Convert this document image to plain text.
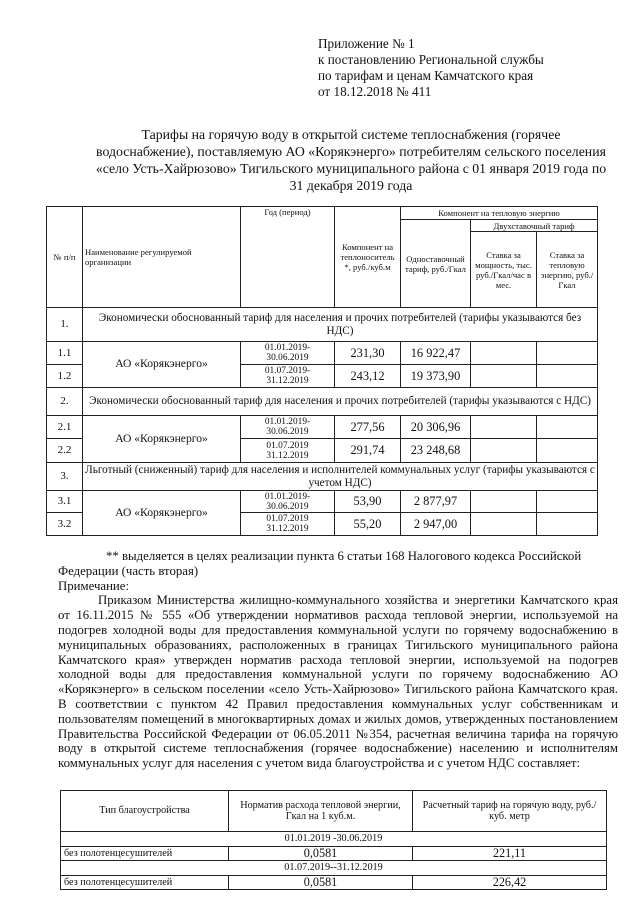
Приложение № 1
к постановлению Региональной службы
по тарифам и ценам Камчатского края
от 18.12.2018 № 411
Тарифы на горячую воду в открытой системе теплоснабжения (горячее водоснабжение), поставляемую АО «Корякэнерго» потребителям сельского поселения «село Усть-Хайрюзово» Тигильского муниципального района с 01 января 2019 года по 31 декабря 2019 года
№ п/п	Наименование регулируемой организации	Год (период)	Компонент на теплоноситель *, руб./куб.м	Компонент на тепловую энергию		
				Одноставочный тариф, руб./Гкал	Двухставочный тариф	
					Ставка за мощность, тыс. руб./Гкал/час в мес.	Ставка за тепловую энергию, руб./Гкал
1.	Экономически обоснованный тариф для населения и прочих потребителей (тарифы указываются без НДС)					
1.1	АО «Корякэнерго»	01.01.2019-
30.06.2019	231,30	16 922,47		
1.2		01.07.2019-
31.12.2019	243,12	19 373,90		
2.	Экономически обоснованный тариф для населения и прочих потребителей (тарифы указываются с НДС)					
2.1	АО «Корякэнерго»	01.01.2019-
30.06.2019	277,56	20 306,96		
2.2		01.07.2019
31.12.2019	291,74	23 248,68		
3.	Льготный (сниженный) тариф для населения и исполнителей коммунальных услуг (тарифы указываются с учетом НДС)					
3.1	АО «Корякэнерго»	01.01.2019-
30.06.2019	53,90	2 877,97		
3.2		01.07.2019
31.12.2019	55,20	2 947,00		

** выделяется в целях реализации пункта 6 статьи 168 Налогового кодекса Российской Федерации (часть вторая)

Примечание:

Приказом Министерства жилищно-коммунального хозяйства и энергетики Камчатского края от 16.11.2015 № 555 «Об утверждении нормативов расхода тепловой энергии, используемой на подогрев холодной воды для предоставления коммунальной услуги по горячему водоснабжению в муниципальных образованиях, расположенных в границах Тигильского муниципального района Камчатского края» утвержден норматив расхода тепловой энергии, используемой на подогрев холодной воды для предоставления коммунальной услуги по горячему водоснабжению АО «Корякэнерго» в сельском поселении «село Усть-Хайрюзово» Тигильского района Камчатского края. В соответствии с пунктом 42 Правил предоставления коммунальных услуг собственникам и пользователям помещений в многоквартирных домах и жилых домов, утвержденных постановлением Правительства Российской Федерации от 06.05.2011 №354, расчетная величина тарифа на горячую воду в открытой системе теплоснабжения (горячее водоснабжение) населению и исполнителям коммунальных услуг для населения с учетом вида благоустройства и с учетом НДС составляет:

Тип благоустройства	Норматив расхода тепловой энергии, Гкал на 1 куб.м.	Расчетный тариф на горячую воду, руб./куб. метр
01.01.2019 -30.06.2019		
без полотенцесушителей	0,0581	221,11
01.07.2019--31.12.2019		
без полотенцесушителей	0,0581	226,42
